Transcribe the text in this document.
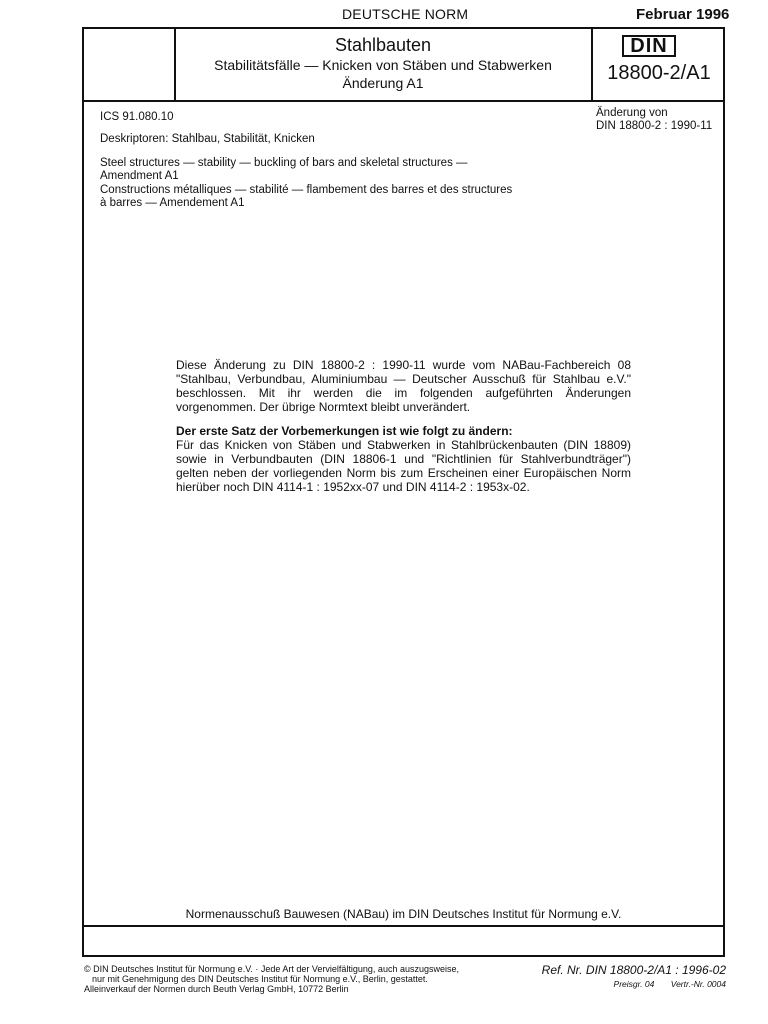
DEUTSCHE NORM	Februar 1996
Stahlbauten
Stabilitätsfälle — Knicken von Stäben und Stabwerken
Änderung A1
DIN
18800-2/A1
ICS 91.080.10
Deskriptoren: Stahlbau, Stabilität, Knicken
Steel structures — stability — buckling of bars and skeletal structures — Amendment A1
Constructions métalliques — stabilité — flambement des barres et des structures à barres — Amendement A1
Änderung von
DIN 18800-2 : 1990-11

Diese Änderung zu DIN 18800-2 : 1990-11 wurde vom NABau-Fachbereich 08 "Stahlbau, Verbundbau, Aluminiumbau — Deutscher Ausschuß für Stahlbau e.V." beschlossen. Mit ihr werden die im folgenden aufgeführten Änderungen vorgenommen. Der übrige Normtext bleibt unverändert.

Der erste Satz der Vorbemerkungen ist wie folgt zu ändern:

Für das Knicken von Stäben und Stabwerken in Stahlbrückenbauten (DIN 18809) sowie in Verbundbauten (DIN 18806-1 und "Richtlinien für Stahlverbundträger") gelten neben der vorliegenden Norm bis zum Erscheinen einer Europäischen Norm hierüber noch DIN 4114-1 : 1952xx-07 und DIN 4114-2 : 1953x-02.

Normenausschuß Bauwesen (NABau) im DIN Deutsches Institut für Normung e.V.
© DIN Deutsches Institut für Normung e.V. · Jede Art der Vervielfältigung, auch auszugsweise,
nur mit Genehmigung des DIN Deutsches Institut für Normung e.V., Berlin, gestattet.
Alleinverkauf der Normen durch Beuth Verlag GmbH, 10772 Berlin
Ref. Nr. DIN 18800-2/A1 : 1996-02
Preisgr. 04 Vertr.-Nr. 0004
